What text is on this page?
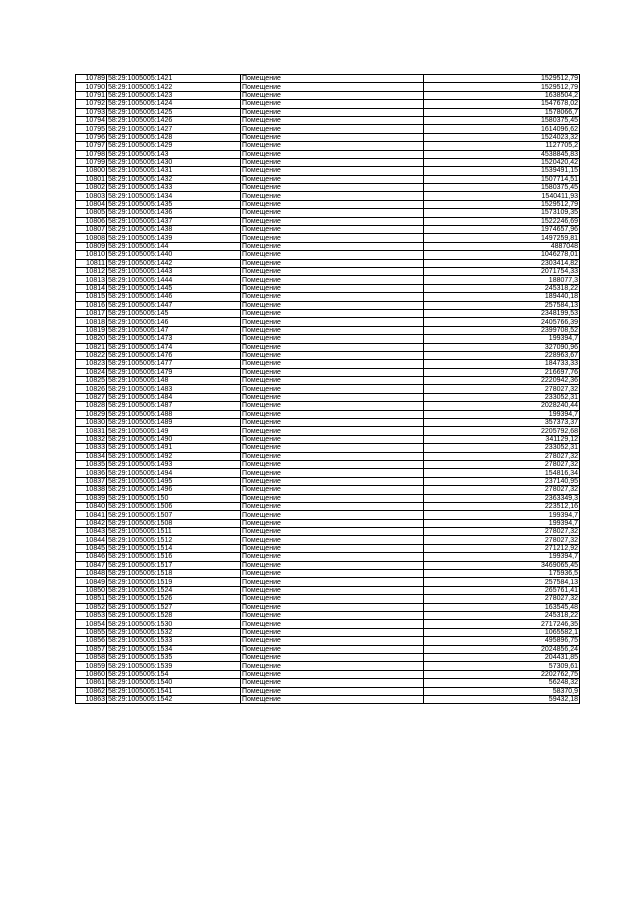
10789	58:29:1005005:1421	Помещение	1529512,79
10790	58:29:1005005:1422	Помещение	1529512,79
10791	58:29:1005005:1423	Помещение	1638504,2
10792	58:29:1005005:1424	Помещение	1547678,02
10793	58:29:1005005:1425	Помещение	1578066,7
10794	58:29:1005005:1426	Помещение	1580375,45
10795	58:29:1005005:1427	Помещение	1614096,62
10796	58:29:1005005:1428	Помещение	1524023,32
10797	58:29:1005005:1429	Помещение	1127705,2
10798	58:29:1005005:143	Помещение	4538845,83
10799	58:29:1005005:1430	Помещение	1520420,42
10800	58:29:1005005:1431	Помещение	1539491,15
10801	58:29:1005005:1432	Помещение	1507714,51
10802	58:29:1005005:1433	Помещение	1580375,45
10803	58:29:1005005:1434	Помещение	1540411,93
10804	58:29:1005005:1435	Помещение	1529512,79
10805	58:29:1005005:1436	Помещение	1573109,35
10806	58:29:1005005:1437	Помещение	1522246,69
10807	58:29:1005005:1438	Помещение	1974657,96
10808	58:29:1005005:1439	Помещение	1497259,81
10809	58:29:1005005:144	Помещение	4887048
10810	58:29:1005005:1440	Помещение	1046278,01
10811	58:29:1005005:1442	Помещение	2303414,82
10812	58:29:1005005:1443	Помещение	2071754,33
10813	58:29:1005005:1444	Помещение	188077,3
10814	58:29:1005005:1445	Помещение	245318,22
10815	58:29:1005005:1446	Помещение	189440,18
10816	58:29:1005005:1447	Помещение	257584,13
10817	58:29:1005005:145	Помещение	2348199,53
10818	58:29:1005005:146	Помещение	2405766,39
10819	58:29:1005005:147	Помещение	2399708,52
10820	58:29:1005005:1473	Помещение	199394,7
10821	58:29:1005005:1474	Помещение	327090,96
10822	58:29:1005005:1476	Помещение	228963,67
10823	58:29:1005005:1477	Помещение	184733,33
10824	58:29:1005005:1479	Помещение	216697,76
10825	58:29:1005005:148	Помещение	2220942,36
10826	58:29:1005005:1483	Помещение	278027,32
10827	58:29:1005005:1484	Помещение	233052,31
10828	58:29:1005005:1487	Помещение	2028240,44
10829	58:29:1005005:1488	Помещение	199394,7
10830	58:29:1005005:1489	Помещение	357373,37
10831	58:29:1005005:149	Помещение	2205792,68
10832	58:29:1005005:1490	Помещение	341129,12
10833	58:29:1005005:1491	Помещение	233052,31
10834	58:29:1005005:1492	Помещение	278027,32
10835	58:29:1005005:1493	Помещение	278027,32
10836	58:29:1005005:1494	Помещение	154816,34
10837	58:29:1005005:1495	Помещение	237140,95
10838	58:29:1005005:1496	Помещение	278027,32
10839	58:29:1005005:150	Помещение	2363349,3
10840	58:29:1005005:1506	Помещение	223512,16
10841	58:29:1005005:1507	Помещение	199394,7
10842	58:29:1005005:1508	Помещение	199394,7
10843	58:29:1005005:1511	Помещение	278027,32
10844	58:29:1005005:1512	Помещение	278027,32
10845	58:29:1005005:1514	Помещение	271212,92
10846	58:29:1005005:1516	Помещение	199394,7
10847	58:29:1005005:1517	Помещение	3469065,45
10848	58:29:1005005:1518	Помещение	175936,5
10849	58:29:1005005:1519	Помещение	257584,13
10850	58:29:1005005:1524	Помещение	265761,41
10851	58:29:1005005:1526	Помещение	278027,32
10852	58:29:1005005:1527	Помещение	163545,48
10853	58:29:1005005:1528	Помещение	245318,22
10854	58:29:1005005:1530	Помещение	2717246,35
10855	58:29:1005005:1532	Помещение	1065582,1
10856	58:29:1005005:1533	Помещение	495896,75
10857	58:29:1005005:1534	Помещение	2024856,24
10858	58:29:1005005:1535	Помещение	204431,85
10859	58:29:1005005:1539	Помещение	57309,61
10860	58:29:1005005:154	Помещение	2202762,75
10861	58:29:1005005:1540	Помещение	56248,32
10862	58:29:1005005:1541	Помещение	58370,9
10863	58:29:1005005:1542	Помещение	59432,18
